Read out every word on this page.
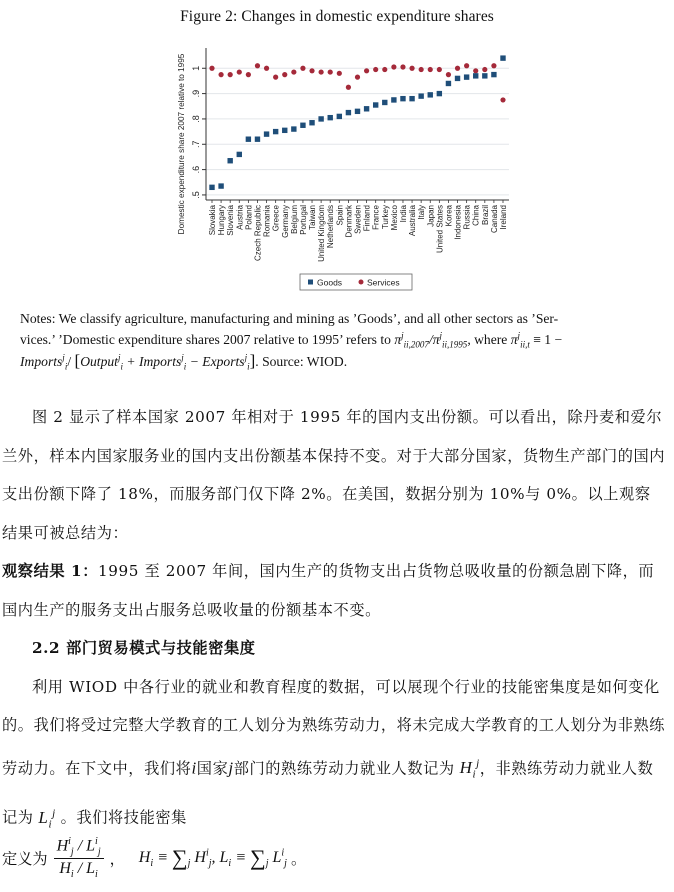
Figure 2: Changes in domestic expenditure shares
.5
.6
.7
.8
.9
1
Domestic expenditure share 2007 relative to 1995	Slovakia Hungary Slovenia Austria Poland Czech Republic Romania Greece Germany Belgium Portugal Taiwan United Kingdom Netherlands Spain Denmark Sweden Finland France Turkey Mexico India Australia Italy Japan United States Korea Indonesia Russia China Brazil Canada Ireland
Goods	Services
Notes: We classify agriculture, manufacturing and mining as ’Goods’, and all other sectors as ’Ser-
vices.’ ’Domestic expenditure shares 2007 relative to 1995’ refers to $\pi^j_{ii,2007}/\pi^j_{ii,1995}$, where $\pi^j_{ii,t} \equiv 1$ −
Imports$^j_i$/ [Output$^j_i$ + Imports$^j_i$ − Exports$^j_i$]. Source: WIOD.

图 2 显示了样本国家 2007 年相对于 1995 年的国内支出份额。可以看出，除丹麦和爱尔兰外，样本内国家服务业的国内支出份额基本保持不变。对于大部分国家，货物生产部门的国内支出份额下降了 18%，而服务部门仅下降 2%。在美国，数据分别为 10%与 0%。以上观察结果可被总结为：

观察结果 1：1995 至 2007 年间，国内生产的货物支出占货物总吸收量的份额急剧下降，而国内生产的服务支出占服务总吸收量的份额基本不变。

2.2 部门贸易模式与技能密集度

利用 WIOD 中各行业的就业和教育程度的数据，可以展现个行业的技能密集度是如何变化的。我们将受过完整大学教育的工人划分为熟练劳动力，将未完成大学教育的工人划分为非熟练劳动力。在下文中，我们将i国家j部门的熟练劳动力就业人数记为 $H_i^j$，非熟练劳动力就业人数记为 $L_i^j$ 。我们将技能密集

定义为 $\frac{H^i_j / L^i_j}{H_i / L_i}$ ， $H_i \equiv \sum_j$ $H^i_j$, $L_i \equiv \sum_j$ $L^i_j$ 。
